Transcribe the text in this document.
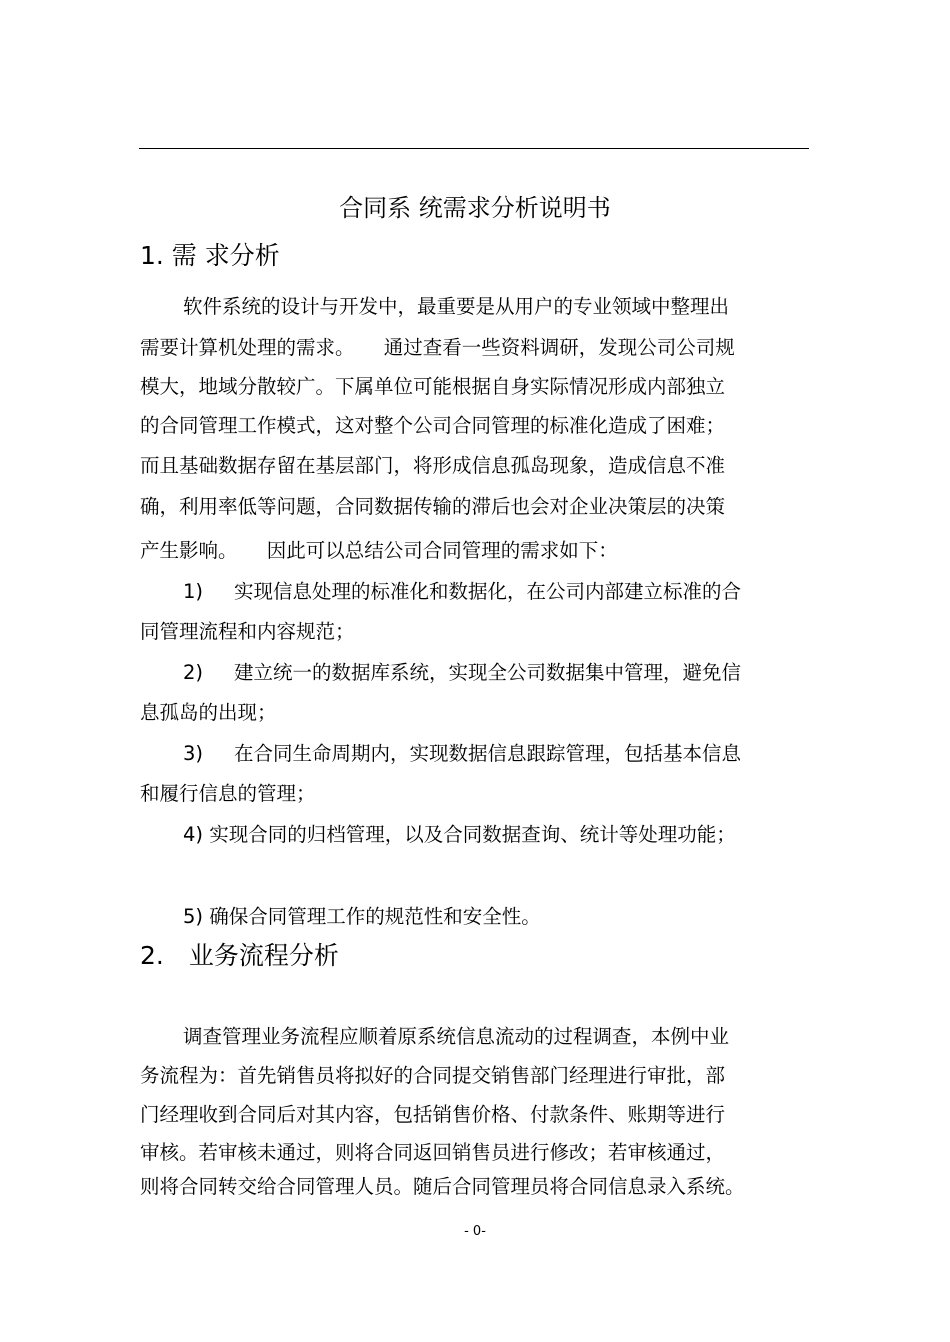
合同系 统需求分析说明书
1. 需 求分析
软件系统的设计与开发中，最重要是从用户的专业领域中整理出
需要计算机处理的需求。　　通过查看一些资料调研，发现公司公司规
模大，地域分散较广。下属单位可能根据自身实际情况形成内部独立
的合同管理工作模式，这对整个公司合同管理的标准化造成了困难；
而且基础数据存留在基层部门，将形成信息孤岛现象，造成信息不准
确，利用率低等问题，合同数据传输的滞后也会对企业决策层的决策
产生影响。　　因此可以总结公司合同管理的需求如下：
1) 实现信息处理的标准化和数据化，在公司内部建立标准的合
同管理流程和内容规范；
2) 建立统一的数据库系统，实现全公司数据集中管理，避免信
息孤岛的出现；
3) 在合同生命周期内，实现数据信息跟踪管理，包括基本信息
和履行信息的管理；
4) 实现合同的归档管理，以及合同数据查询、统计等处理功能；
5) 确保合同管理工作的规范性和安全性。
2.　业务流程分析
调查管理业务流程应顺着原系统信息流动的过程调查，本例中业
务流程为：首先销售员将拟好的合同提交销售部门经理进行审批，部
门经理收到合同后对其内容，包括销售价格、付款条件、账期等进行
审核。若审核未通过，则将合同返回销售员进行修改；若审核通过，
则将合同转交给合同管理人员。随后合同管理员将合同信息录入系统。
- 0-
